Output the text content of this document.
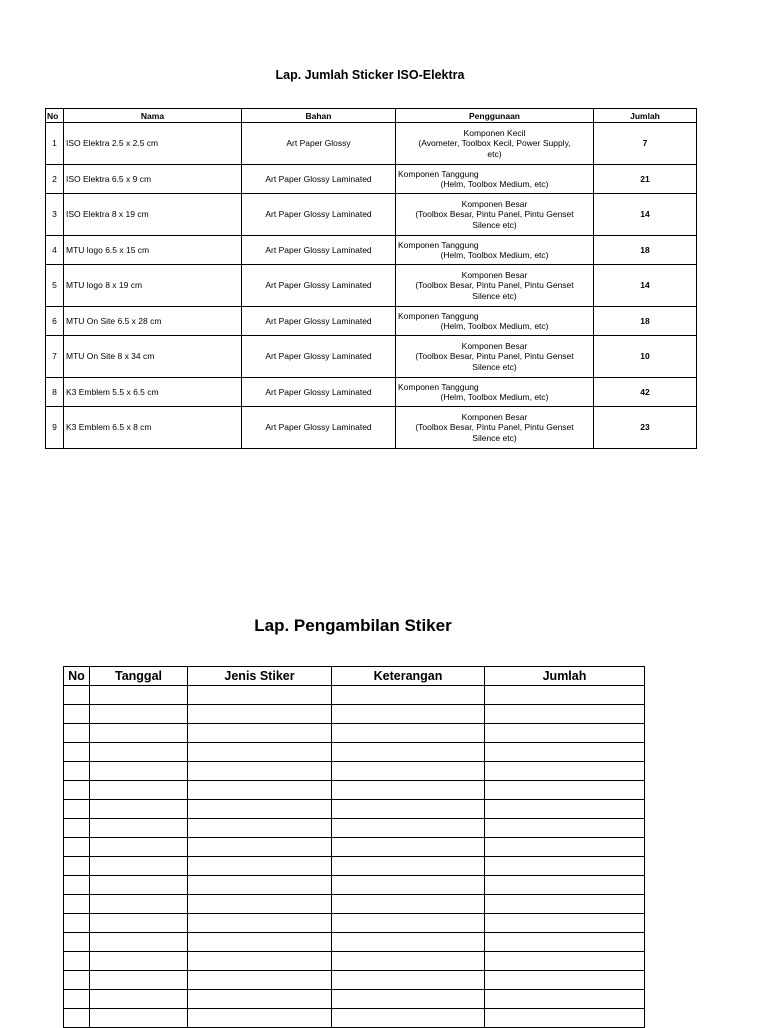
Lap. Jumlah Sticker ISO-Elektra
No	Nama	Bahan	Penggunaan	Jumlah
1	ISO Elektra 2.5 x 2.5 cm	Art Paper Glossy	Komponen Kecil
(Avometer, Toolbox Kecil, Power Supply,
etc)	7
2	ISO Elektra 6.5 x 9 cm	Art Paper Glossy Laminated	Komponen Tanggung
(Helm, Toolbox Medium, etc)	21
3	ISO Elektra 8 x 19 cm	Art Paper Glossy Laminated	Komponen Besar
(Toolbox Besar, Pintu Panel, Pintu Genset
Silence etc)	14
4	MTU logo 6.5 x 15 cm	Art Paper Glossy Laminated	Komponen Tanggung
(Helm, Toolbox Medium, etc)	18
5	MTU logo 8 x 19 cm	Art Paper Glossy Laminated	Komponen Besar
(Toolbox Besar, Pintu Panel, Pintu Genset
Silence etc)	14
6	MTU On Site 6.5 x 28 cm	Art Paper Glossy Laminated	Komponen Tanggung
(Helm, Toolbox Medium, etc)	18
7	MTU On Site 8 x 34 cm	Art Paper Glossy Laminated	Komponen Besar
(Toolbox Besar, Pintu Panel, Pintu Genset
Silence etc)	10
8	K3 Emblem 5.5 x 6.5 cm	Art Paper Glossy Laminated	Komponen Tanggung
(Helm, Toolbox Medium, etc)	42
9	K3 Emblem 6.5 x 8 cm	Art Paper Glossy Laminated	Komponen Besar
(Toolbox Besar, Pintu Panel, Pintu Genset
Silence etc)	23
Lap. Pengambilan Stiker
No	Tanggal	Jenis Stiker	Keterangan	Jumlah
